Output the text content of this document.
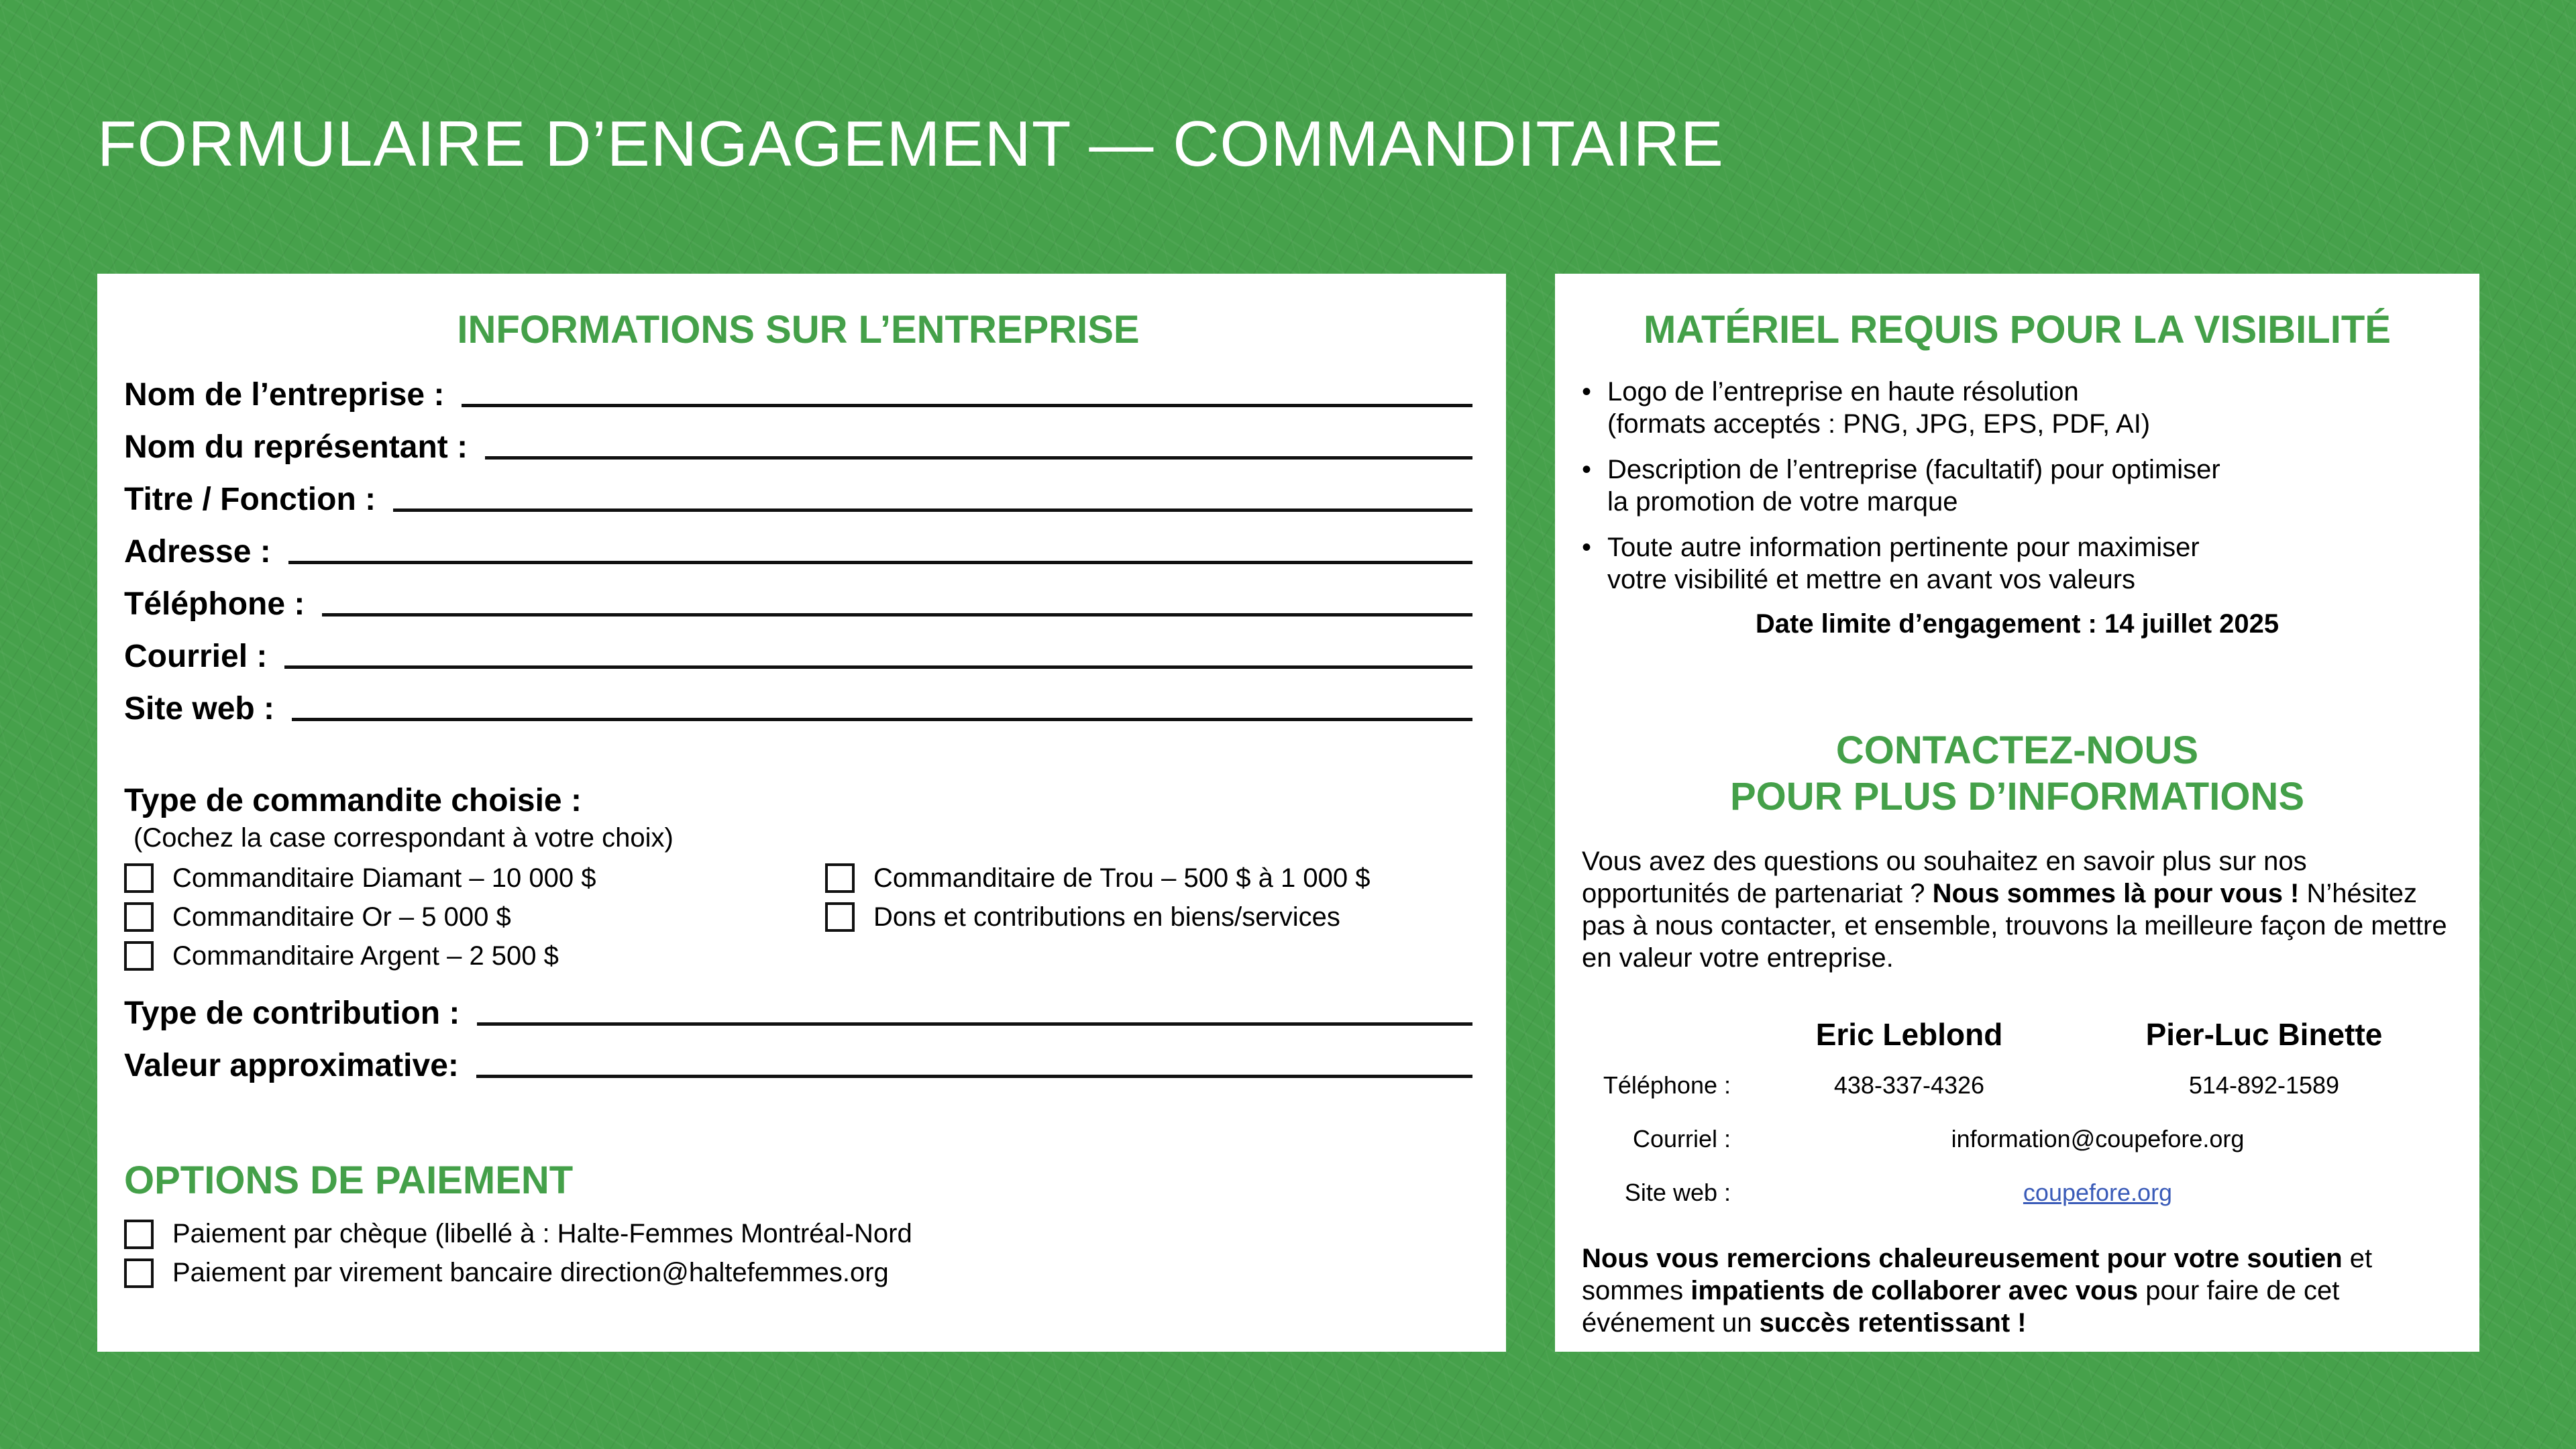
FORMULAIRE D’ENGAGEMENT — COMMANDITAIRE
INFORMATIONS SUR L’ENTREPRISE
Nom de l’entreprise :
Nom du représentant :
Titre / Fonction :
Adresse :
Téléphone :
Courriel :
Site web :

Type de commandite choisie :

(Cochez la case correspondant à votre choix)

Commanditaire Diamant – 10 000 $
Commanditaire Or – 5 000 $
Commanditaire Argent – 2 500 $
Commanditaire de Trou – 500 $ à 1 000 $
Dons et contributions en biens/services
Type de contribution :
Valeur approximative:
OPTIONS DE PAIEMENT
Paiement par chèque (libellé à : Halte-Femmes Montréal-Nord
Paiement par virement bancaire direction@haltefemmes.org
MATÉRIEL REQUIS POUR LA VISIBILITÉ
• Logo de l’entreprise en haute résolution
(formats acceptés : PNG, JPG, EPS, PDF, AI)
• Description de l’entreprise (facultatif) pour optimiser
la promotion de votre marque
• Toute autre information pertinente pour maximiser
votre visibilité et mettre en avant vos valeurs

Date limite d’engagement : 14 juillet 2025

CONTACTEZ-NOUS
POUR PLUS D’INFORMATIONS

Vous avez des questions ou souhaitez en savoir plus sur nos opportunités de partenariat ? Nous sommes là pour vous ! N’hésitez pas à nous contacter, et ensemble, trouvons la meilleure façon de mettre en valeur votre entreprise.

	Eric Leblond	Pier-Luc Binette
Téléphone :	438-337-4326	514-892-1589
Courriel :	information@coupefore.org	
Site web :	coupefore.org	

Nous vous remercions chaleureusement pour votre soutien et sommes impatients de collaborer avec vous pour faire de cet événement un succès retentissant !
